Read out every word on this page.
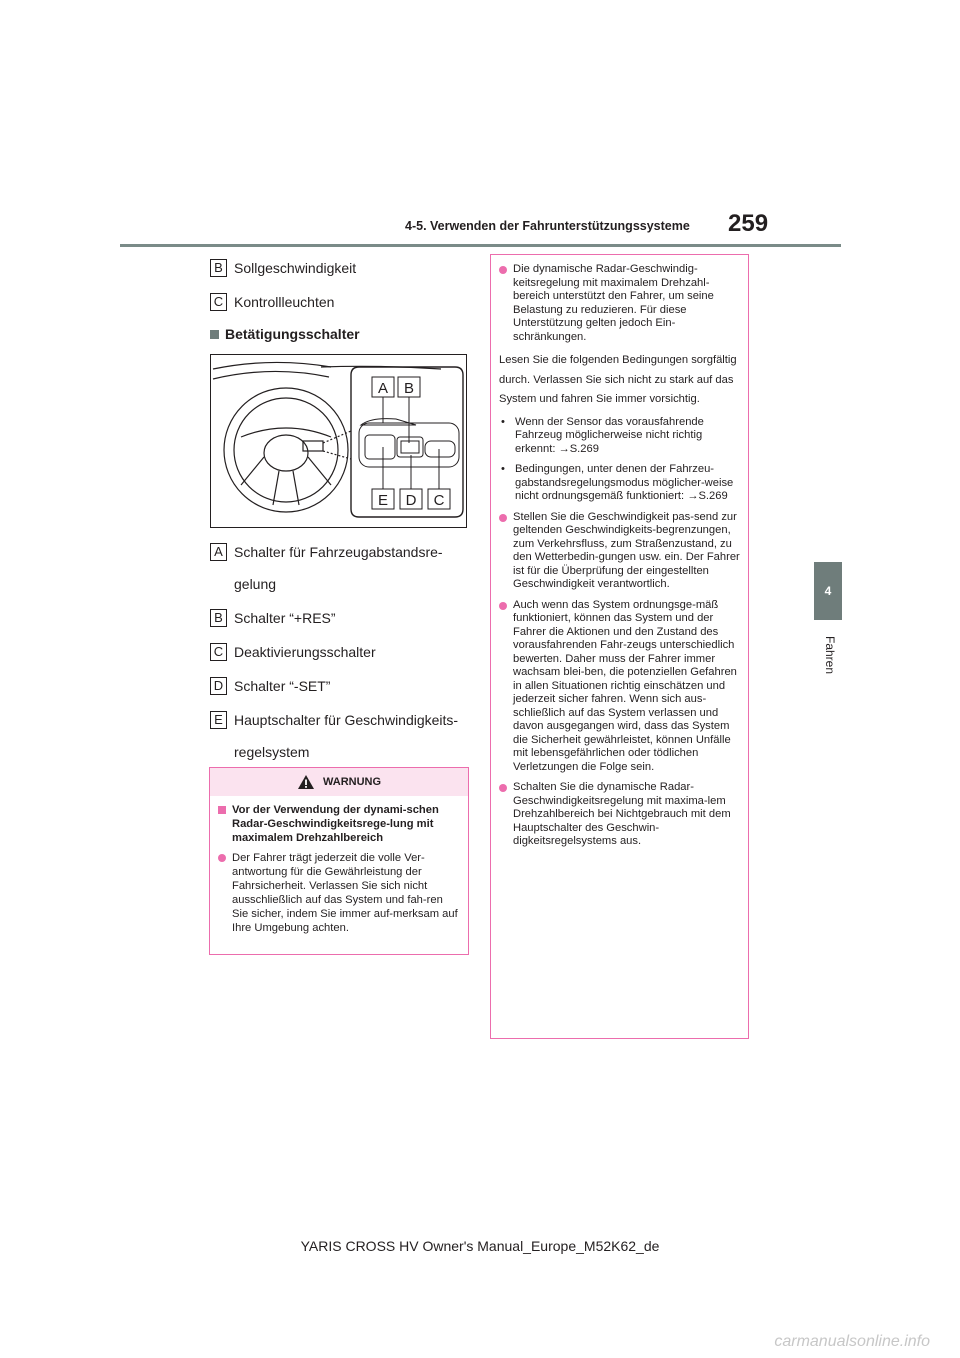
4-5. Verwenden der Fahrunterstützungssysteme 259
4
Fahren
B Sollgeschwindigkeit
C Kontrollleuchten
Betätigungsschalter
A B
E D C
A Schalter für Fahrzeugabstandsre-
gelung
B Schalter “+RES”
C Deaktivierungsschalter
D Schalter “-SET”
E Hauptschalter für Geschwindigkeits-
regelsystem
WARNUNG
Vor der Verwendung der dynami-schen Radar-Geschwindigkeitsrege-lung mit maximalem Drehzahlbereich
Der Fahrer trägt jederzeit die volle Ver-antwortung für die Gewährleistung der Fahrsicherheit. Verlassen Sie sich nicht ausschließlich auf das System und fah-ren Sie sicher, indem Sie immer auf-merksam auf Ihre Umgebung achten.
Die dynamische Radar-Geschwindig-keitsregelung mit maximalem Drehzahl-bereich unterstützt den Fahrer, um seine Belastung zu reduzieren. Für diese Unterstützung gelten jedoch Ein-schränkungen.

Lesen Sie die folgenden Bedingungen sorgfältig durch. Verlassen Sie sich nicht zu stark auf das System und fahren Sie immer vorsichtig.

• Wenn der Sensor das vorausfahrende Fahrzeug möglicherweise nicht richtig erkennt: →S.269
• Bedingungen, unter denen der Fahrzeu-gabstandsregelungsmodus möglicher-weise nicht ordnungsgemäß funktioniert: →S.269
Stellen Sie die Geschwindigkeit pas-send zur geltenden Geschwindigkeits-begrenzungen, zum Verkehrsfluss, zum Straßenzustand, zu den Wetterbedin-gungen usw. ein. Der Fahrer ist für die Überprüfung der eingestellten Geschwindigkeit verantwortlich.
Auch wenn das System ordnungsge-mäß funktioniert, können das System und der Fahrer die Aktionen und den Zustand des vorausfahrenden Fahr-zeugs unterschiedlich bewerten. Daher muss der Fahrer immer wachsam blei-ben, die potenziellen Gefahren in allen Situationen richtig einschätzen und jederzeit sicher fahren. Wenn sich aus-schließlich auf das System verlassen und davon ausgegangen wird, dass das System die Sicherheit gewährleistet, können Unfälle mit lebensgefährlichen oder tödlichen Verletzungen die Folge sein.
Schalten Sie die dynamische Radar-Geschwindigkeitsregelung mit maxima-lem Drehzahlbereich bei Nichtgebrauch mit dem Hauptschalter des Geschwin-digkeitsregelsystems aus.
YARIS CROSS HV Owner's Manual_Europe_M52K62_de
carmanualsonline.info
